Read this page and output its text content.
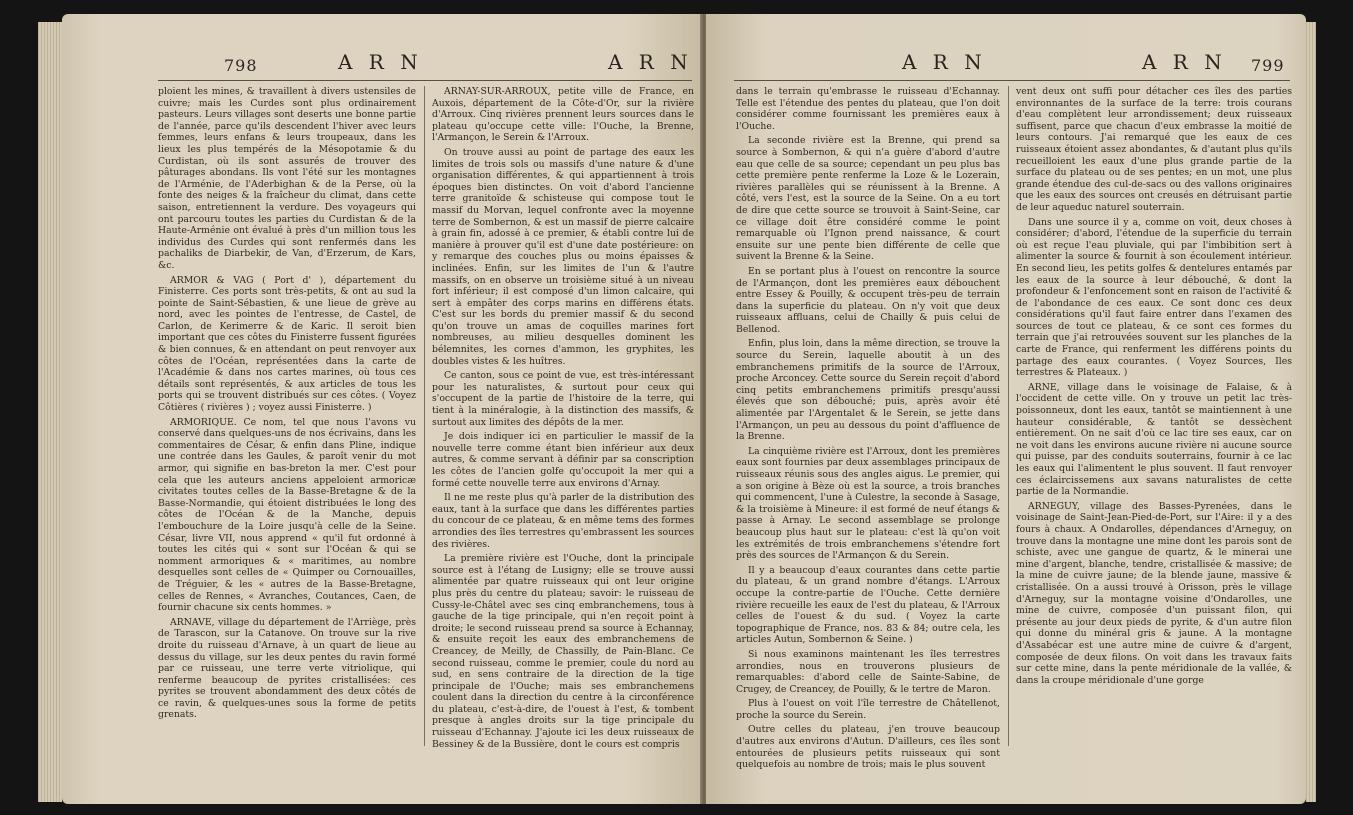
798	A R N	A R N

ploient les mines, & travaillent à divers ustensiles de cuivre; mais les Curdes sont plus ordinairement pasteurs. Leurs villages sont deserts une bonne partie de l'année, parce qu'ils descendent l'hiver avec leurs femmes, leurs enfans & leurs troupeaux, dans les lieux les plus tempérés de la Mésopotamie & du Curdistan, où ils sont assurés de trouver des pâturages abondans. Ils vont l'été sur les montagnes de l'Arménie, de l'Aderbighan & de la Perse, où la fonte des neiges & la fraîcheur du climat, dans cette saison, entretiennent la verdure. Des voyageurs qui ont parcouru toutes les parties du Curdistan & de la Haute-Arménie ont évalué à près d'un million tous les individus des Curdes qui sont renfermés dans les pachaliks de Diarbekir, de Van, d'Erzerum, de Kars, &c.

ARMOR & VAG ( Port d' ), département du Finisterre. Ces ports sont très-petits, & ont au sud la pointe de Saint-Sébastien, & une lieue de grève au nord, avec les pointes de l'entresse, de Castel, de Carlon, de Kerimerre & de Karic. Il seroit bien important que ces côtes du Finisterre fussent figurées & bien connues, & en attendant on peut renvoyer aux côtes de l'Océan, représentées dans la carte de l'Académie & dans nos cartes marines, où tous ces détails sont représentés, & aux articles de tous les ports qui se trouvent distribués sur ces côtes. ( Voyez Côtières ( rivières ) ; voyez aussi Finisterre. )

ARMORIQUE. Ce nom, tel que nous l'avons vu conservé dans quelques-uns de nos écrivains, dans les commentaires de César, & enfin dans Pline, indique une contrée dans les Gaules, & paroît venir du mot armor, qui signifie en bas-breton la mer. C'est pour cela que les auteurs anciens appeloient armoricæ civitates toutes celles de la Basse-Bretagne & de la Basse-Normandie, qui étoient distribuées le long des côtes de l'Océan & de la Manche, depuis l'embouchure de la Loire jusqu'à celle de la Seine. César, livre VII, nous apprend « qu'il fut ordonné à toutes les cités qui « sont sur l'Océan & qui se nomment armoriques & « maritimes, au nombre desquelles sont celles de « Quimper ou Cornouailles, de Tréguier, & les « autres de la Basse-Bretagne, celles de Rennes, « Avranches, Coutances, Caen, de fournir chacune six cents hommes. »

ARNAVE, village du département de l'Arriège, près de Tarascon, sur la Catanove. On trouve sur la rive droite du ruisseau d'Arnave, à un quart de lieue au dessus du village, sur les deux pentes du ravin formé par ce ruisseau, une terre verte vitriolique, qui renferme beaucoup de pyrites cristallisées: ces pyrites se trouvent abondamment des deux côtés de ce ravin, & quelques-unes sous la forme de petits grenats.

ARNAY-SUR-ARROUX, petite ville de France, en Auxois, département de la Côte-d'Or, sur la rivière d'Arroux. Cinq rivières prennent leurs sources dans le plateau qu'occupe cette ville: l'Ouche, la Brenne, l'Armançon, le Serein & l'Arroux.

On trouve aussi au point de partage des eaux les limites de trois sols ou massifs d'une nature & d'une organisation différentes, & qui appartiennent à trois époques bien distinctes. On voit d'abord l'ancienne terre granitoïde & schisteuse qui compose tout le massif du Morvan, lequel confronte avec la moyenne terre de Sombernon, & est un massif de pierre calcaire à grain fin, adossé à ce premier, & établi contre lui de manière à prouver qu'il est d'une date postérieure: on y remarque des couches plus ou moins épaisses & inclinées. Enfin, sur les limites de l'un & l'autre massifs, on en observe un troisième situé à un niveau fort inférieur; il est composé d'un limon calcaire, qui sert à empâter des corps marins en différens états. C'est sur les bords du premier massif & du second qu'on trouve un amas de coquilles marines fort nombreuses, au milieu desquelles dominent les bélemnites, les cornes d'ammon, les gryphites, les doubles vistes & les huîtres.

Ce canton, sous ce point de vue, est très-intéressant pour les naturalistes, & surtout pour ceux qui s'occupent de la partie de l'histoire de la terre, qui tient à la minéralogie, à la distinction des massifs, & surtout aux limites des dépôts de la mer.

Je dois indiquer ici en particulier le massif de la nouvelle terre comme étant bien inférieur aux deux autres, & comme servant à définir par sa conscription les côtes de l'ancien golfe qu'occupoit la mer qui a formé cette nouvelle terre aux environs d'Arnay.

Il ne me reste plus qu'à parler de la distribution des eaux, tant à la surface que dans les différentes parties du concour de ce plateau, & en même tems des formes arrondies des îles terrestres qu'embrassent les sources des rivières.

La première rivière est l'Ouche, dont la principale source est à l'étang de Lusigny; elle se trouve aussi alimentée par quatre ruisseaux qui ont leur origine plus près du centre du plateau; savoir: le ruisseau de Cussy-le-Châtel avec ses cinq embranchemens, tous à gauche de la tige principale, qui n'en reçoit point à droite; le second ruisseau prend sa source à Echannay, & ensuite reçoit les eaux des embranchemens de Creancey, de Meilly, de Chassilly, de Pain-Blanc. Ce second ruisseau, comme le premier, coule du nord au sud, en sens contraire de la direction de la tige principale de l'Ouche; mais ses embranchemens coulent dans la direction du centre à la circonférence du plateau, c'est-à-dire, de l'ouest à l'est, & tombent presque à angles droits sur la tige principale du ruisseau d'Echannay. J'ajoute ici les deux ruisseaux de Bessiney & de la Bussière, dont le cours est compris

A R N	A R N 799

dans le terrain qu'embrasse le ruisseau d'Echannay. Telle est l'étendue des pentes du plateau, que l'on doit considérer comme fournissant les premières eaux à l'Ouche.

La seconde rivière est la Brenne, qui prend sa source à Sombernon, & qui n'a guère d'abord d'autre eau que celle de sa source; cependant un peu plus bas cette première pente renferme la Loze & le Lozerain, rivières parallèles qui se réunissent à la Brenne. A côté, vers l'est, est la source de la Seine. On a eu tort de dire que cette source se trouvoit à Saint-Seine, car ce village doit être considéré comme le point remarquable où l'Ignon prend naissance, & court ensuite sur une pente bien différente de celle que suivent la Brenne & la Seine.

En se portant plus à l'ouest on rencontre la source de l'Armançon, dont les premières eaux débouchent entre Essey & Pouilly, & occupent très-peu de terrain dans la superficie du plateau. On n'y voit que deux ruisseaux affluans, celui de Chailly & puis celui de Bellenod.

Enfin, plus loin, dans la même direction, se trouve la source du Serein, laquelle aboutit à un des embranchemens primitifs de la source de l'Arroux, proche Arconcey. Cette source du Serein reçoit d'abord cinq petits embranchemens primitifs presqu'aussi élevés que son débouché; puis, après avoir été alimentée par l'Argentalet & le Serein, se jette dans l'Armançon, un peu au dessous du point d'affluence de la Brenne.

La cinquième rivière est l'Arroux, dont les premières eaux sont fournies par deux assemblages principaux de ruisseaux réunis sous des angles aigus. Le premier, qui a son origine à Bèze où est la source, a trois branches qui commencent, l'une à Culestre, la seconde à Sasage, & la troisième à Mineure: il est formé de neuf étangs & passe à Arnay. Le second assemblage se prolonge beaucoup plus haut sur le plateau: c'est là qu'on voit les extrémités de trois embranchemens s'étendre fort près des sources de l'Armançon & du Serein.

Il y a beaucoup d'eaux courantes dans cette partie du plateau, & un grand nombre d'étangs. L'Arroux occupe la contre-partie de l'Ouche. Cette dernière rivière recueille les eaux de l'est du plateau, & l'Arroux celles de l'ouest & du sud. ( Voyez la carte topographique de France, nos. 83 & 84; outre cela, les articles Autun, Sombernon & Seine. )

Si nous examinons maintenant les îles terrestres arrondies, nous en trouverons plusieurs de remarquables: d'abord celle de Sainte-Sabine, de Crugey, de Creancey, de Pouilly, & le tertre de Maron.

Plus à l'ouest on voit l'île terrestre de Châtellenot, proche la source du Serein.

Outre celles du plateau, j'en trouve beaucoup d'autres aux environs d'Autun. D'ailleurs, ces îles sont entourées de plusieurs petits ruisseaux qui sont quelquefois au nombre de trois; mais le plus souvent

vent deux ont suffi pour détacher ces îles des parties environnantes de la surface de la terre: trois courans d'eau complètent leur arrondissement; deux ruisseaux suffisent, parce que chacun d'eux embrasse la moitié de leurs contours. J'ai remarqué que les eaux de ces ruisseaux étoient assez abondantes, & d'autant plus qu'ils recueilloient les eaux d'une plus grande partie de la surface du plateau ou de ses pentes; en un mot, une plus grande étendue des cul-de-sacs ou des vallons originaires que les eaux des sources ont creusés en détruisant partie de leur aqueduc naturel souterrain.

Dans une source il y a, comme on voit, deux choses à considérer; d'abord, l'étendue de la superficie du terrain où est reçue l'eau pluviale, qui par l'imbibition sert à alimenter la source & fournit à son écoulement intérieur. En second lieu, les petits golfes & dentelures entamés par les eaux de la source à leur débouché, & dont la profondeur & l'enfoncement sont en raison de l'activité & de l'abondance de ces eaux. Ce sont donc ces deux considérations qu'il faut faire entrer dans l'examen des sources de tout ce plateau, & ce sont ces formes du terrain que j'ai retrouvées souvent sur les planches de la carte de France, qui renferment les différens points du partage des eaux courantes. ( Voyez Sources, Iles terrestres & Plateaux. )

ARNE, village dans le voisinage de Falaise, & à l'occident de cette ville. On y trouve un petit lac très-poissonneux, dont les eaux, tantôt se maintiennent à une hauteur considérable, & tantôt se dessèchent entièrement. On ne sait d'où ce lac tire ses eaux, car on ne voit dans les environs aucune rivière ni aucune source qui puisse, par des conduits souterrains, fournir à ce lac les eaux qui l'alimentent le plus souvent. Il faut renvoyer ces éclaircissemens aux savans naturalistes de cette partie de la Normandie.

ARNEGUY, village des Basses-Pyrenées, dans le voisinage de Saint-Jean-Pied-de-Port, sur l'Aire: il y a des fours à chaux. A Ondarolles, dépendances d'Arneguy, on trouve dans la montagne une mine dont les parois sont de schiste, avec une gangue de quartz, & le minerai une mine d'argent, blanche, tendre, cristallisée & massive; de la mine de cuivre jaune; de la blende jaune, massive & cristallisée. On a aussi trouvé à Orisson, près le village d'Arneguy, sur la montagne voisine d'Ondarolles, une mine de cuivre, composée d'un puissant filon, qui présente au jour deux pieds de pyrite, & d'un autre filon qui donne du minéral gris & jaune. A la montagne d'Assabécar est une autre mine de cuivre & d'argent, composée de deux filons. On voit dans les travaux faits sur cette mine, dans la pente méridionale de la vallée, & dans la croupe méridionale d'une gorge
